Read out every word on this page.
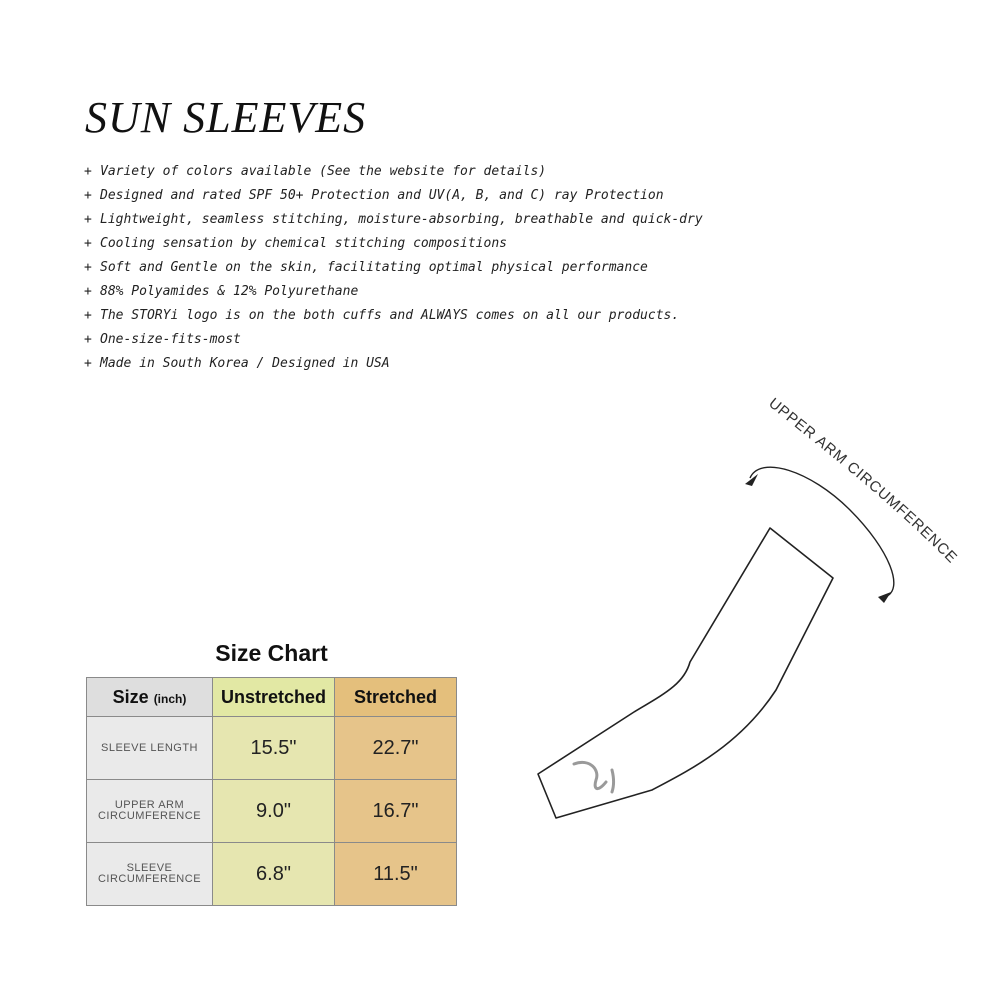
SUN SLEEVES
+ Variety of colors available (See the website for details)
+ Designed and rated SPF 50+ Protection and UV(A, B, and C) ray Protection
+ Lightweight, seamless stitching, moisture-absorbing, breathable and quick-dry
+ Cooling sensation by chemical stitching compositions
+ Soft and Gentle on the skin, facilitating optimal physical performance
+ 88% Polyamides & 12% Polyurethane
+ The STORYi logo is on the both cuffs and ALWAYS comes on all our products.
+ One-size-fits-most
+ Made in South Korea / Designed in USA
Size Chart
Size (inch)	Unstretched	Stretched

SLEEVE LENGTH	15.5"	22.7"

UPPER ARM
CIRCUMFERENCE	9.0"	16.7"

SLEEVE
CIRCUMFERENCE	6.8"	11.5"
UPPER ARM CIRCUMFERENCE
